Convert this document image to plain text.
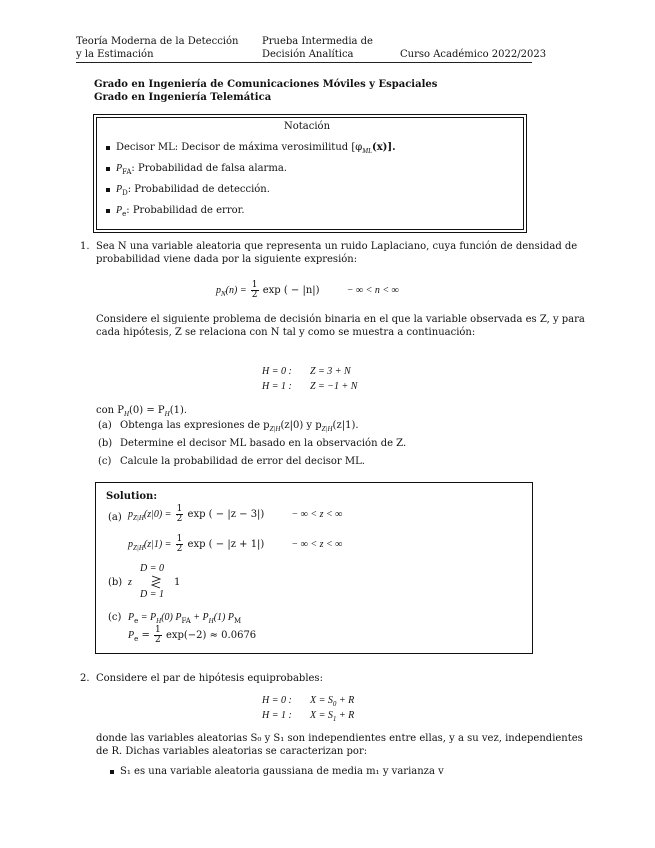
Teoría Moderna de la Detección
y la Estimación
Prueba Intermedia de
Decisión Analítica	Curso Académico 2022/2023
Grado en Ingeniería de Comunicaciones Móviles y Espaciales
Grado en Ingeniería Telemática
Notación
Decisor ML: Decisor de máxima verosimilitud $[\varphi_{ML}(x)]$.
$P_{FA}$: Probabilidad de falsa alarma.
$P_D$: Probabilidad de detección.
$P_e$: Probabilidad de error.
1. Sea N una variable aleatoria que representa un ruido Laplaciano, cuya función de densidad de
probabilidad viene dada por la siguiente expresión:
$p_N(n) = \frac{1}{2}$ exp ( − |n|)	− ∞ < n < ∞
Considere el siguiente problema de decisión binaria en el que la variable observada es Z, y para
cada hipótesis, Z se relaciona con N tal y como se muestra a continuación:
H = 0 : Z = 3 + N
H = 1 : Z = −1 + N
con $P_H(0) = P_H(1)$.
(a) Obtenga las expresiones de $p_{Z|H}(z|0)$ y $p_{Z|H}(z|1)$.
(b) Determine el decisor ML basado en la observación de Z.
(c) Calcule la probabilidad de error del decisor ML.
Solution:
(a) $p_{Z|H}(z|0) = \frac{1}{2}$ exp ( − |z − 3|)	− ∞ < z < ∞
$p_{Z|H}(z|1) = \frac{1}{2}$ exp ( − |z + 1|)	− ∞ < z < ∞
D = 0
(b) z	1
D = 1
(c) $P_e = P_H(0) P_{FA} + P_H(1)$ $P_M$
$P_e = \frac{1}{2} \exp(-2) \approx 0.0676$
2. Considere el par de hipótesis equiprobables:
H = 0 : $X = S_0 + R$
H = 1 : $X = S_1 + R$
donde las variables aleatorias S₀ y S₁ son independientes entre ellas, y a su vez, independientes
de R. Dichas variables aleatorias se caracterizan por:
S₁ es una variable aleatoria gaussiana de media m₁ y varianza v
